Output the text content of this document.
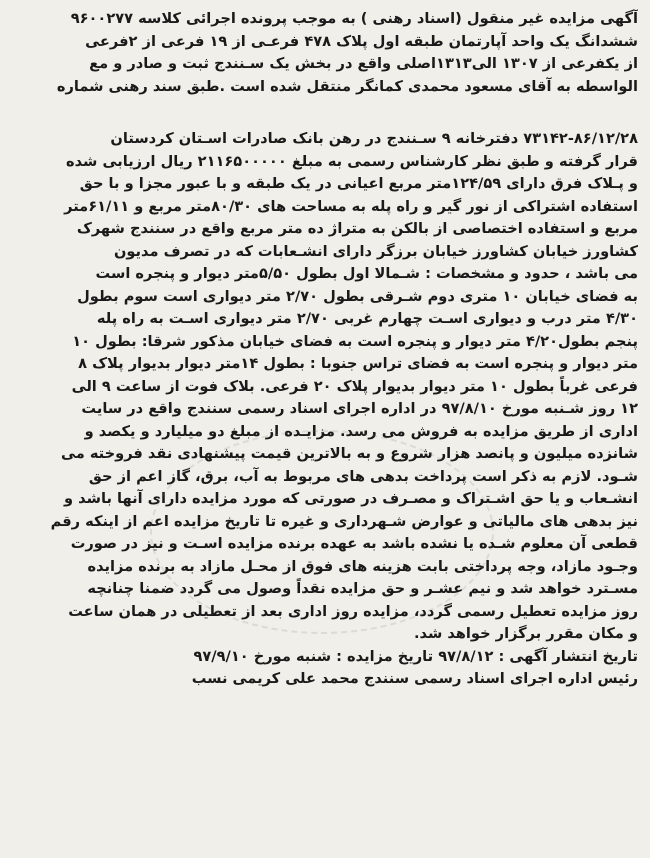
آگهی مزایده غیر منقول (اسناد رهنی ) به موجب پرونده اجرائی کلاسه ۹۶۰۰۲۷۷
ششدانگ یک واحد آپارتمان طبقه اول پلاک ۴۷۸ فرعـی از ۱۹ فرعی از ۲فرعی
از یکفرعی از ۱۳۰۷ الی۱۳۱۳اصلی واقع در بخش یک سـنندج ثبت و صادر و مع
الواسطه به آقای مسعود محمدی کمانگر منتقل شده است .طبق سند رهنی شماره
۷۳۱۴۲-۸۶/۱۲/۲۸ دفترخانه ۹ سـنندج در رهن بانک صادرات اسـتان کردستان
قرار گرفته و طبق نظر کارشناس رسمی به مبلغ ۲۱۱۶۵۰۰۰۰۰ ریال ارزیابی شده
و پـلاک فرق دارای ۱۲۴/۵۹متر مربع اعیانی در یک طبقه و با عبور مجزا و با حق
استفاده اشتراکی از نور گیر و راه پله به مساحت های ۸۰/۳۰متر مربع و ۶۱/۱۱متر
مربع و استفاده اختصاصی از بالکن به متراژ ده متر مربع واقع در سنندج شهرک
کشاورز خیابان کشاورز خیابان برزگر دارای انشـعابات که در تصرف مدیون
می باشد ، حدود و مشخصات : شـمالا اول بطول ۵/۵۰متر دیوار و پنجره است
به فضای خیابان ۱۰ متری دوم شـرقی بطول ۲/۷۰ متر دیواری است سوم بطول
۴/۳۰ متر درب و دیواری اسـت چهارم غربی ۲/۷۰ متر دیواری اسـت به راه پله
پنجم بطول۴/۲۰ متر دیوار و پنجره است به فضای خیابان مذکور شرقا: بطول ۱۰
متر دیوار و پنجره است به فضای تراس جنوبا : بطول ۱۴متر دیوار بدیوار پلاک ۸
فرعی غرباً بطول ۱۰ متر دیوار بدیوار پلاک ۲۰ فرعی. بلاک فوت از ساعت ۹ الی
۱۲ روز شـنبه مورخ ۹۷/۸/۱۰ در اداره اجرای اسناد رسمی سنندج واقع در سایت
اداری از طریق مزایده به فروش می رسد. مزایـده از مبلغ دو میلیارد و یکصد و
شانزده میلیون و پانصد هزار شروع و به بالاترین قیمت پیشنهادی نقد فروخته می
شـود. لازم به ذکر است پرداخت بدهی های مربوط به آب، برق، گاز اعم از حق
انشـعاب و یا حق اشـتراک و مصـرف در صورتی که مورد مزایده دارای آنها باشد و
نیز بدهی های مالیاتی و عوارض شـهرداری و غیره تا تاریخ مزایده اعم از اینکه رقم
قطعی آن معلوم شـده یا نشده باشد به عهده برنده مزایده اسـت و نیز در صورت
وجـود مازاد، وجه پرداختی بابت هزینه های فوق از محـل مازاد به برنده مزایده
مسـترد خواهد شد و نیم عشـر و حق مزایده نقداً وصول می گردد ضمنا چنانچه
روز مزایده تعطیل رسمی گردد، مزایده روز اداری بعد از تعطیلی در همان ساعت
و مکان مقرر برگزار خواهد شد.
تاریخ انتشار آگهی : ۹۷/۸/۱۲ تاریخ مزایده : شنبه مورخ ۹۷/۹/۱۰
رئیس اداره اجرای اسناد رسمی سنندج محمد علی کریمی نسب
